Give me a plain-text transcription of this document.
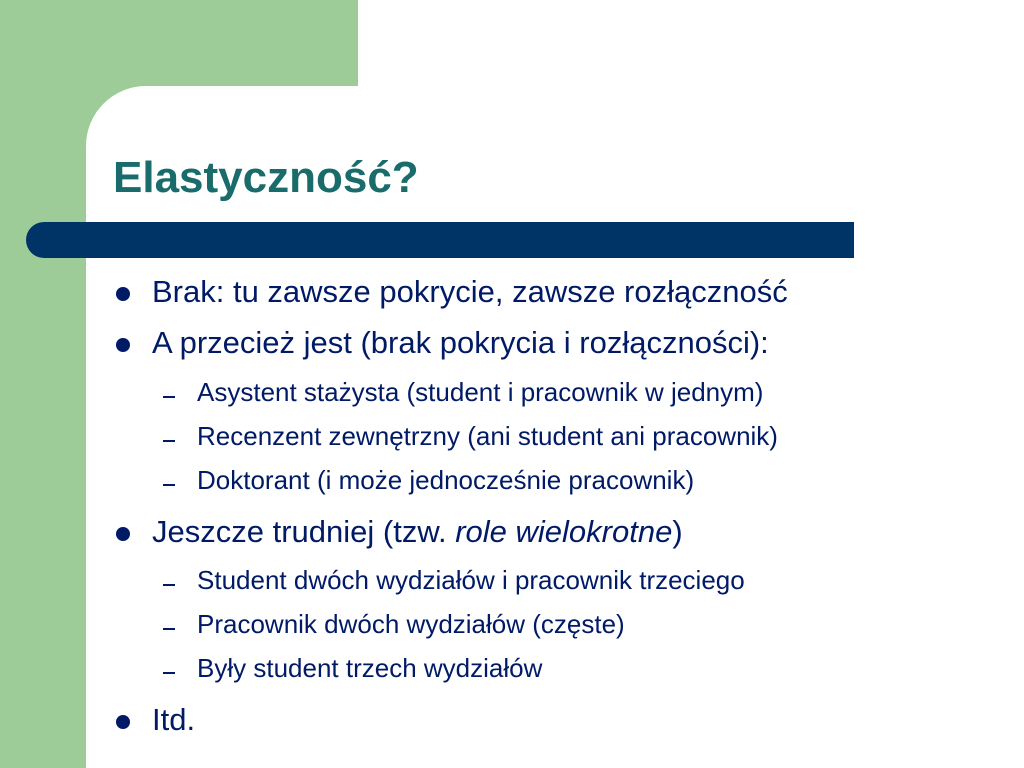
Elastyczność?
Brak: tu zawsze pokrycie, zawsze rozłączność
A przecież jest (brak pokrycia i rozłączności):
Asystent stażysta (student i pracownik w jednym)
Recenzent zewnętrzny (ani student ani pracownik)
Doktorant (i może jednocześnie pracownik)
Jeszcze trudniej (tzw. role wielokrotne)
Student dwóch wydziałów i pracownik trzeciego
Pracownik dwóch wydziałów (częste)
Były student trzech wydziałów
Itd.
